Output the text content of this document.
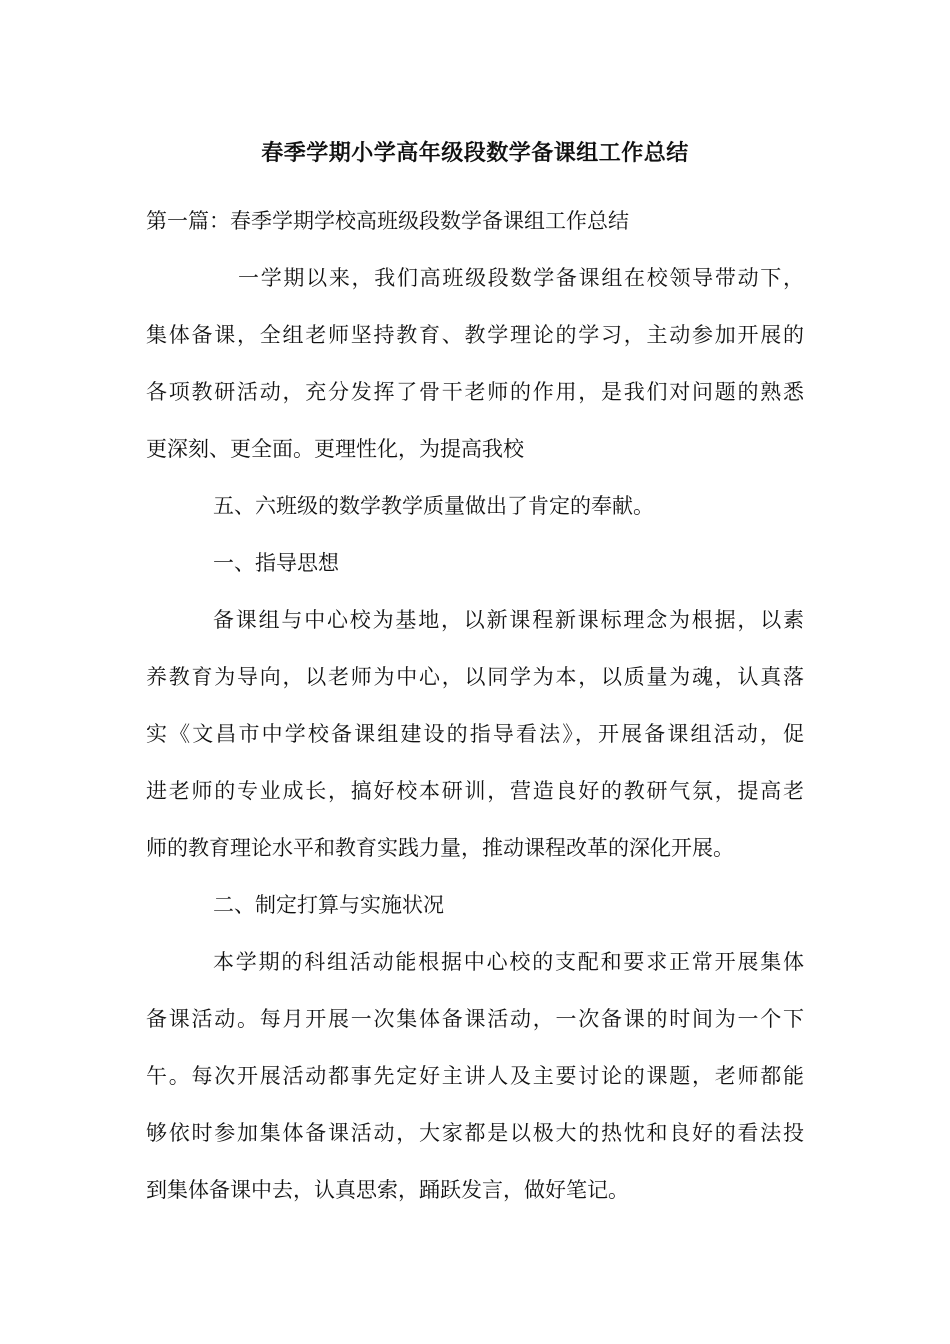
春季学期小学高年级段数学备课组工作总结
第一篇：春季学期学校高班级段数学备课组工作总结
一学期以来，我们高班级段数学备课组在校领导带动下，
集体备课，全组老师坚持教育、教学理论的学习，主动参加开展的
各项教研活动，充分发挥了骨干老师的作用，是我们对问题的熟悉
更深刻、更全面。更理性化，为提高我校
五、六班级的数学教学质量做出了肯定的奉献。
一、指导思想
备课组与中心校为基地，以新课程新课标理念为根据，以素
养教育为导向，以老师为中心，以同学为本，以质量为魂，认真落
实《文昌市中学校备课组建设的指导看法》，开展备课组活动，促
进老师的专业成长，搞好校本研训，营造良好的教研气氛，提高老
师的教育理论水平和教育实践力量，推动课程改革的深化开展。
二、制定打算与实施状况
本学期的科组活动能根据中心校的支配和要求正常开展集体
备课活动。每月开展一次集体备课活动，一次备课的时间为一个下
午。每次开展活动都事先定好主讲人及主要讨论的课题，老师都能
够依时参加集体备课活动，大家都是以极大的热忱和良好的看法投
到集体备课中去，认真思索，踊跃发言，做好笔记。
